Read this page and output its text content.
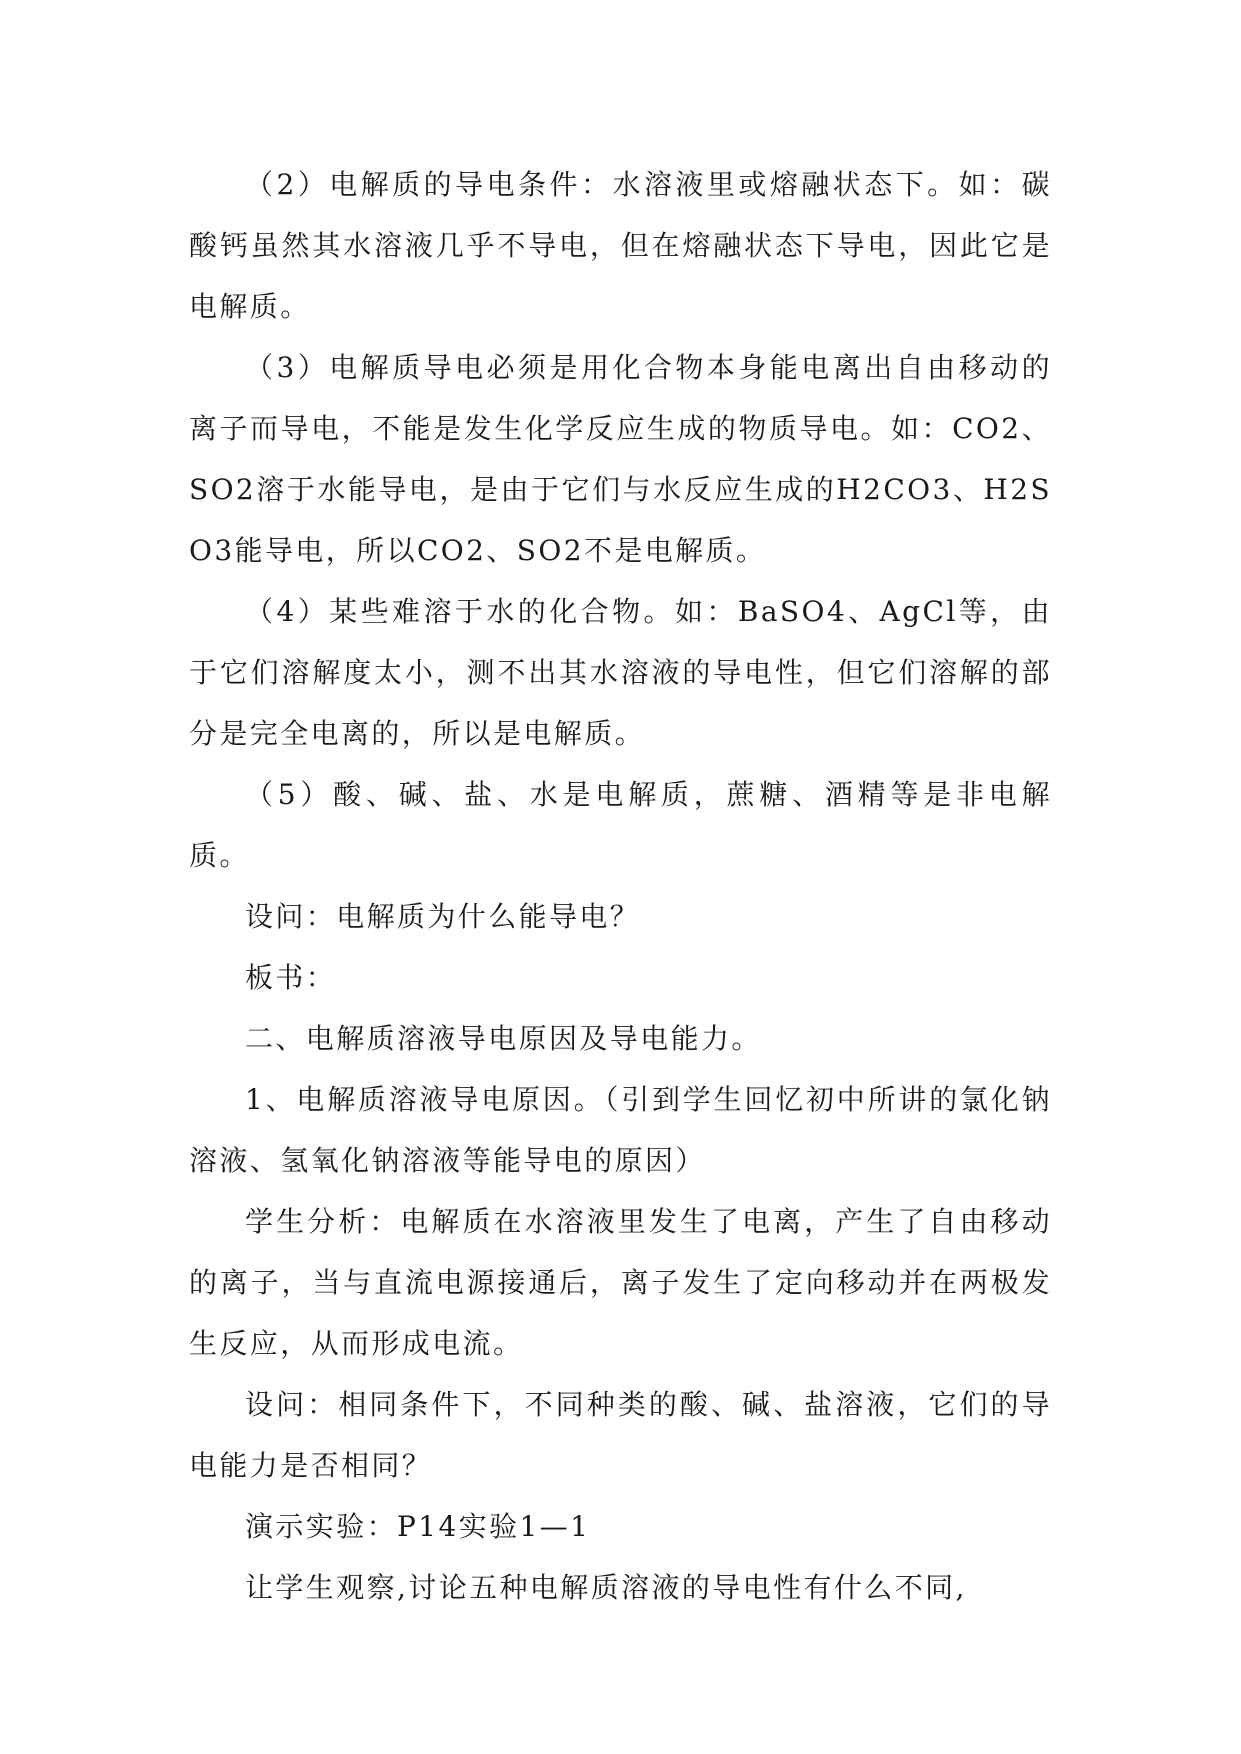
（2）电解质的导电条件：水溶液里或熔融状态下。如：碳酸钙虽然其水溶液几乎不导电，但在熔融状态下导电，因此它是电解质。

（3）电解质导电必须是用化合物本身能电离出自由移动的离子而导电，不能是发生化学反应生成的物质导电。如：CO2、SO2溶于水能导电，是由于它们与水反应生成的H2CO3、H2SO3能导电，所以CO2、SO2不是电解质。

（4）某些难溶于水的化合物。如：BaSO4、AgCl等，由于它们溶解度太小，测不出其水溶液的导电性，但它们溶解的部分是完全电离的，所以是电解质。

（5）酸、碱、盐、水是电解质，蔗糖、酒精等是非电解质。

设问：电解质为什么能导电？

板书：

二、电解质溶液导电原因及导电能力。

1、电解质溶液导电原因。（引到学生回忆初中所讲的氯化钠溶液、氢氧化钠溶液等能导电的原因）

学生分析：电解质在水溶液里发生了电离，产生了自由移动的离子，当与直流电源接通后，离子发生了定向移动并在两极发生反应，从而形成电流。

设问：相同条件下，不同种类的酸、碱、盐溶液，它们的导电能力是否相同？

演示实验：P14实验1—1

让学生观察,讨论五种电解质溶液的导电性有什么不同,
